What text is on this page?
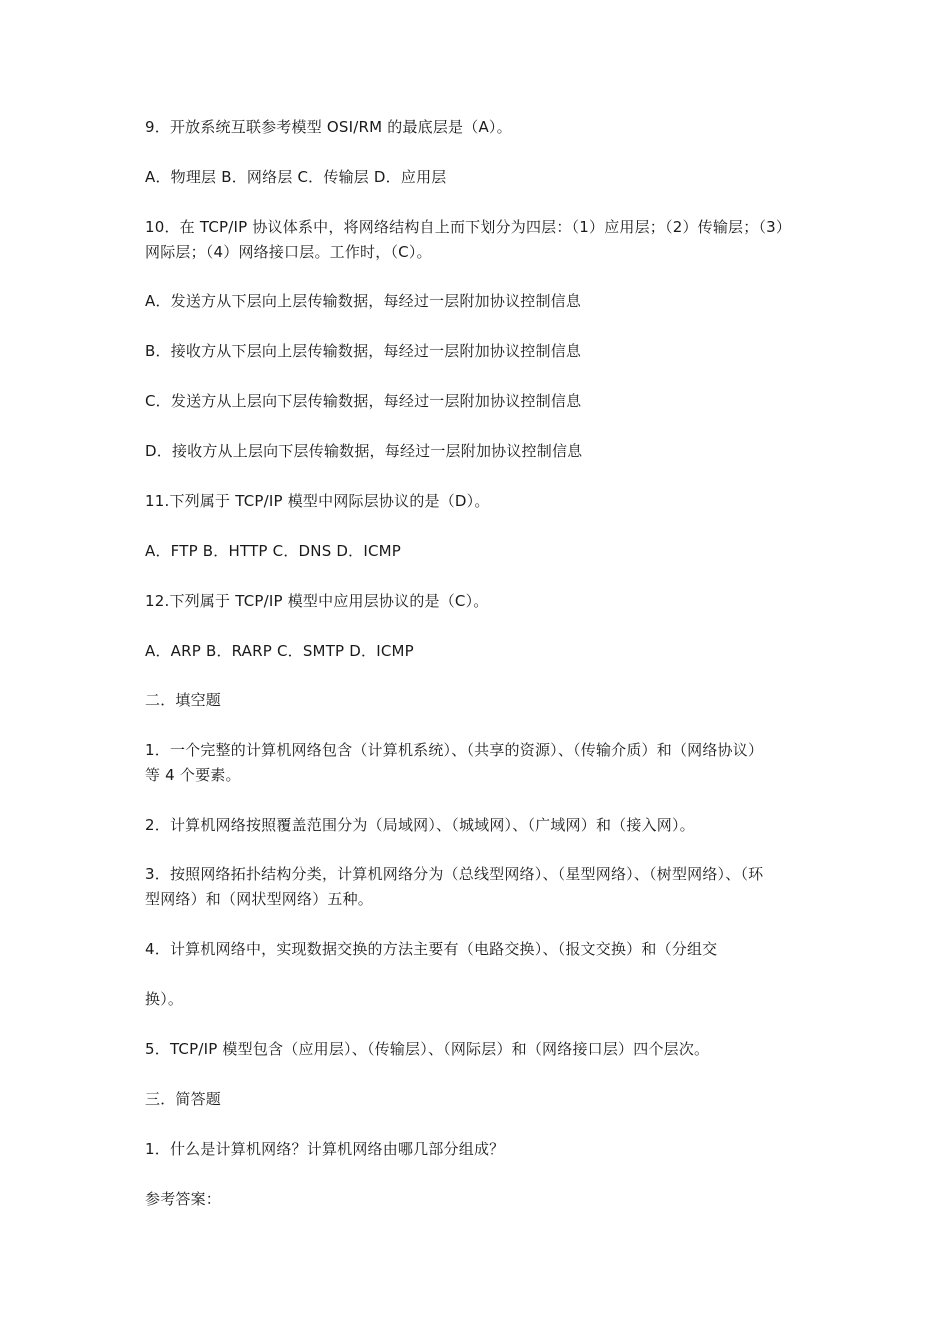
9．开放系统互联参考模型 OSI/RM 的最底层是（A）。
A．物理层 B．网络层 C．传输层 D．应用层
10．在 TCP/IP 协议体系中，将网络结构自上而下划分为四层：（1）应用层；（2）传输层；（3）
网际层；（4）网络接口层。工作时，（C）。
A．发送方从下层向上层传输数据，每经过一层附加协议控制信息
B．接收方从下层向上层传输数据，每经过一层附加协议控制信息
C．发送方从上层向下层传输数据，每经过一层附加协议控制信息
D．接收方从上层向下层传输数据，每经过一层附加协议控制信息
11.下列属于 TCP/IP 模型中网际层协议的是（D）。
A．FTP B．HTTP C．DNS D．ICMP
12.下列属于 TCP/IP 模型中应用层协议的是（C）。
A．ARP B．RARP C．SMTP D．ICMP
二．填空题
1．一个完整的计算机网络包含（计算机系统）、（共享的资源）、（传输介质）和（网络协议）
等 4 个要素。
2．计算机网络按照覆盖范围分为（局域网）、（城域网）、（广域网）和（接入网）。
3．按照网络拓扑结构分类，计算机网络分为（总线型网络）、（星型网络）、（树型网络）、（环
型网络）和（网状型网络）五种。
4．计算机网络中，实现数据交换的方法主要有（电路交换）、（报文交换）和（分组交
换）。
5．TCP/IP 模型包含（应用层）、（传输层）、（网际层）和（网络接口层）四个层次。
三．简答题
1．什么是计算机网络？计算机网络由哪几部分组成？
参考答案：
